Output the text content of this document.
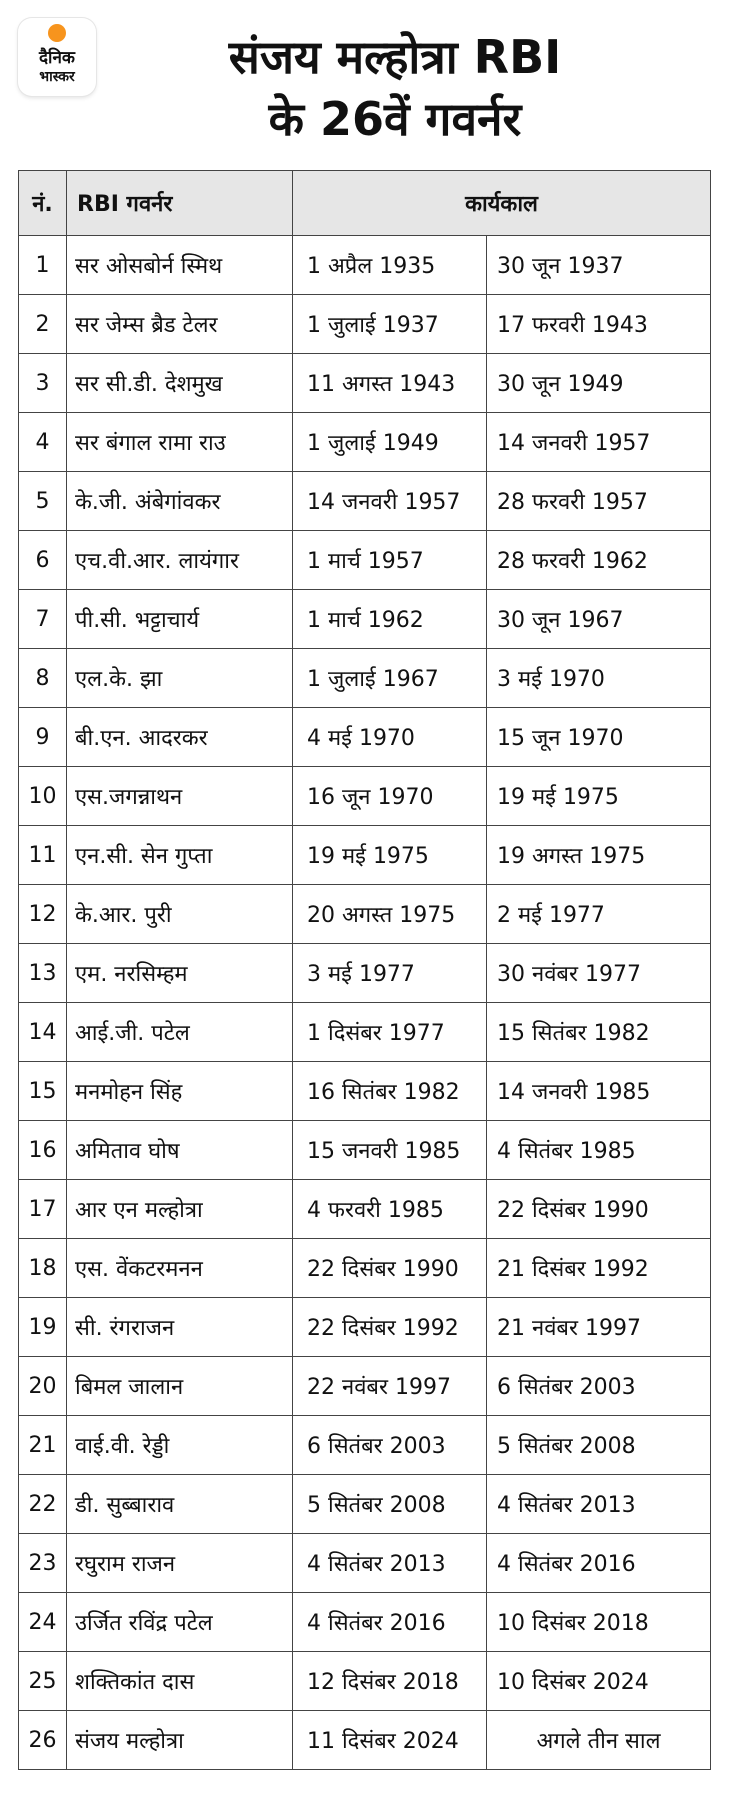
दैनिक
भास्कर	संजय मल्होत्रा RBI
के 26वें गवर्नर
नं.	RBI गवर्नर	कार्यकाल	
1	सर ओसबोर्न स्मिथ	1 अप्रैल 1935	30 जून 1937
2	सर जेम्स ब्रैड टेलर	1 जुलाई 1937	17 फरवरी 1943
3	सर सी.डी. देशमुख	11 अगस्त 1943	30 जून 1949
4	सर बंगाल रामा राउ	1 जुलाई 1949	14 जनवरी 1957
5	के.जी. अंबेगांवकर	14 जनवरी 1957	28 फरवरी 1957
6	एच.वी.आर. लायंगार	1 मार्च 1957	28 फरवरी 1962
7	पी.सी. भट्टाचार्य	1 मार्च 1962	30 जून 1967
8	एल.के. झा	1 जुलाई 1967	3 मई 1970
9	बी.एन. आदरकर	4 मई 1970	15 जून 1970
10	एस.जगन्नाथन	16 जून 1970	19 मई 1975
11	एन.सी. सेन गुप्ता	19 मई 1975	19 अगस्त 1975
12	के.आर. पुरी	20 अगस्त 1975	2 मई 1977
13	एम. नरसिम्हम	3 मई 1977	30 नवंबर 1977
14	आई.जी. पटेल	1 दिसंबर 1977	15 सितंबर 1982
15	मनमोहन सिंह	16 सितंबर 1982	14 जनवरी 1985
16	अमिताव घोष	15 जनवरी 1985	4 सितंबर 1985
17	आर एन मल्होत्रा	4 फरवरी 1985	22 दिसंबर 1990
18	एस. वेंकटरमनन	22 दिसंबर 1990	21 दिसंबर 1992
19	सी. रंगराजन	22 दिसंबर 1992	21 नवंबर 1997
20	बिमल जालान	22 नवंबर 1997	6 सितंबर 2003
21	वाई.वी. रेड्डी	6 सितंबर 2003	5 सितंबर 2008
22	डी. सुब्बाराव	5 सितंबर 2008	4 सितंबर 2013
23	रघुराम राजन	4 सितंबर 2013	4 सितंबर 2016
24	उर्जित रविंद्र पटेल	4 सितंबर 2016	10 दिसंबर 2018
25	शक्तिकांत दास	12 दिसंबर 2018	10 दिसंबर 2024
26	संजय मल्होत्रा	11 दिसंबर 2024	अगले तीन साल
